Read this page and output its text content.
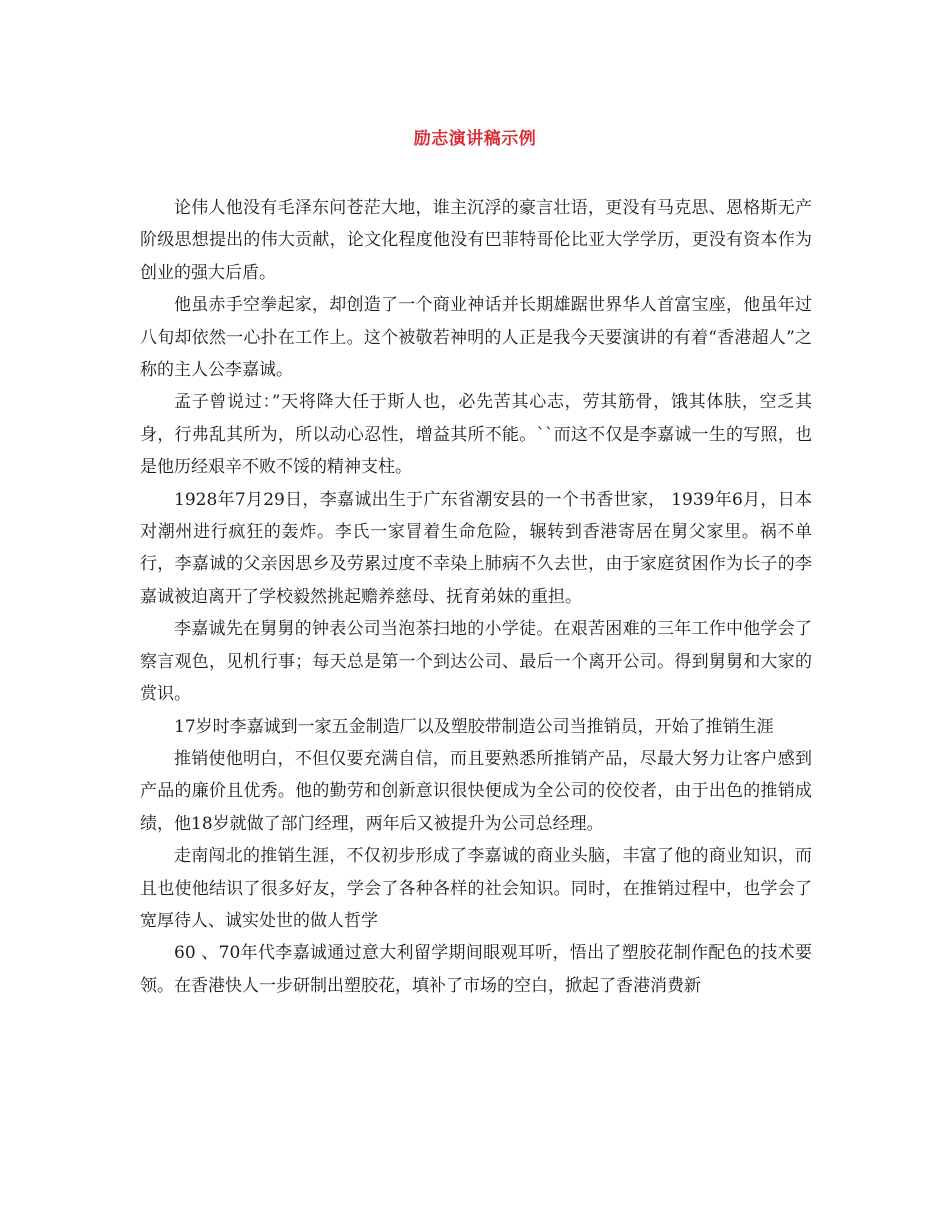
励志演讲稿示例

论伟人他没有毛泽东问苍茫大地，谁主沉浮的豪言壮语，更没有马克思、恩格斯无产阶级思想提出的伟大贡献，论文化程度他没有巴菲特哥伦比亚大学学历，更没有资本作为创业的强大后盾。

他虽赤手空拳起家，却创造了一个商业神话并长期雄踞世界华人首富宝座，他虽年过八旬却依然一心扑在工作上。这个被敬若神明的人正是我今天要演讲的有着“香港超人”之称的主人公李嘉诚。

孟子曾说过：”天将降大任于斯人也，必先苦其心志，劳其筋骨，饿其体肤，空乏其身，行弗乱其所为，所以动心忍性，增益其所不能。``而这不仅是李嘉诚一生的写照，也是他历经艰辛不败不馁的精神支柱。

1928年7月29日，李嘉诚出生于广东省潮安县的一个书香世家， 1939年6月，日本对潮州进行疯狂的轰炸。李氏一家冒着生命危险，辗转到香港寄居在舅父家里。祸不单行，李嘉诚的父亲因思乡及劳累过度不幸染上肺病不久去世，由于家庭贫困作为长子的李嘉诚被迫离开了学校毅然挑起赡养慈母、抚育弟妹的重担。

李嘉诚先在舅舅的钟表公司当泡茶扫地的小学徒。在艰苦困难的三年工作中他学会了察言观色，见机行事；每天总是第一个到达公司、最后一个离开公司。得到舅舅和大家的赏识。

17岁时李嘉诚到一家五金制造厂以及塑胶带制造公司当推销员，开始了推销生涯

推销使他明白，不但仅要充满自信，而且要熟悉所推销产品，尽最大努力让客户感到产品的廉价且优秀。他的勤劳和创新意识很快便成为全公司的佼佼者，由于出色的推销成绩，他18岁就做了部门经理，两年后又被提升为公司总经理。

走南闯北的推销生涯，不仅初步形成了李嘉诚的商业头脑，丰富了他的商业知识，而且也使他结识了很多好友，学会了各种各样的社会知识。同时，在推销过程中，也学会了宽厚待人、诚实处世的做人哲学

60 、70年代李嘉诚通过意大利留学期间眼观耳听，悟出了塑胶花制作配色的技术要领。在香港快人一步研制出塑胶花，填补了市场的空白，掀起了香港消费新
